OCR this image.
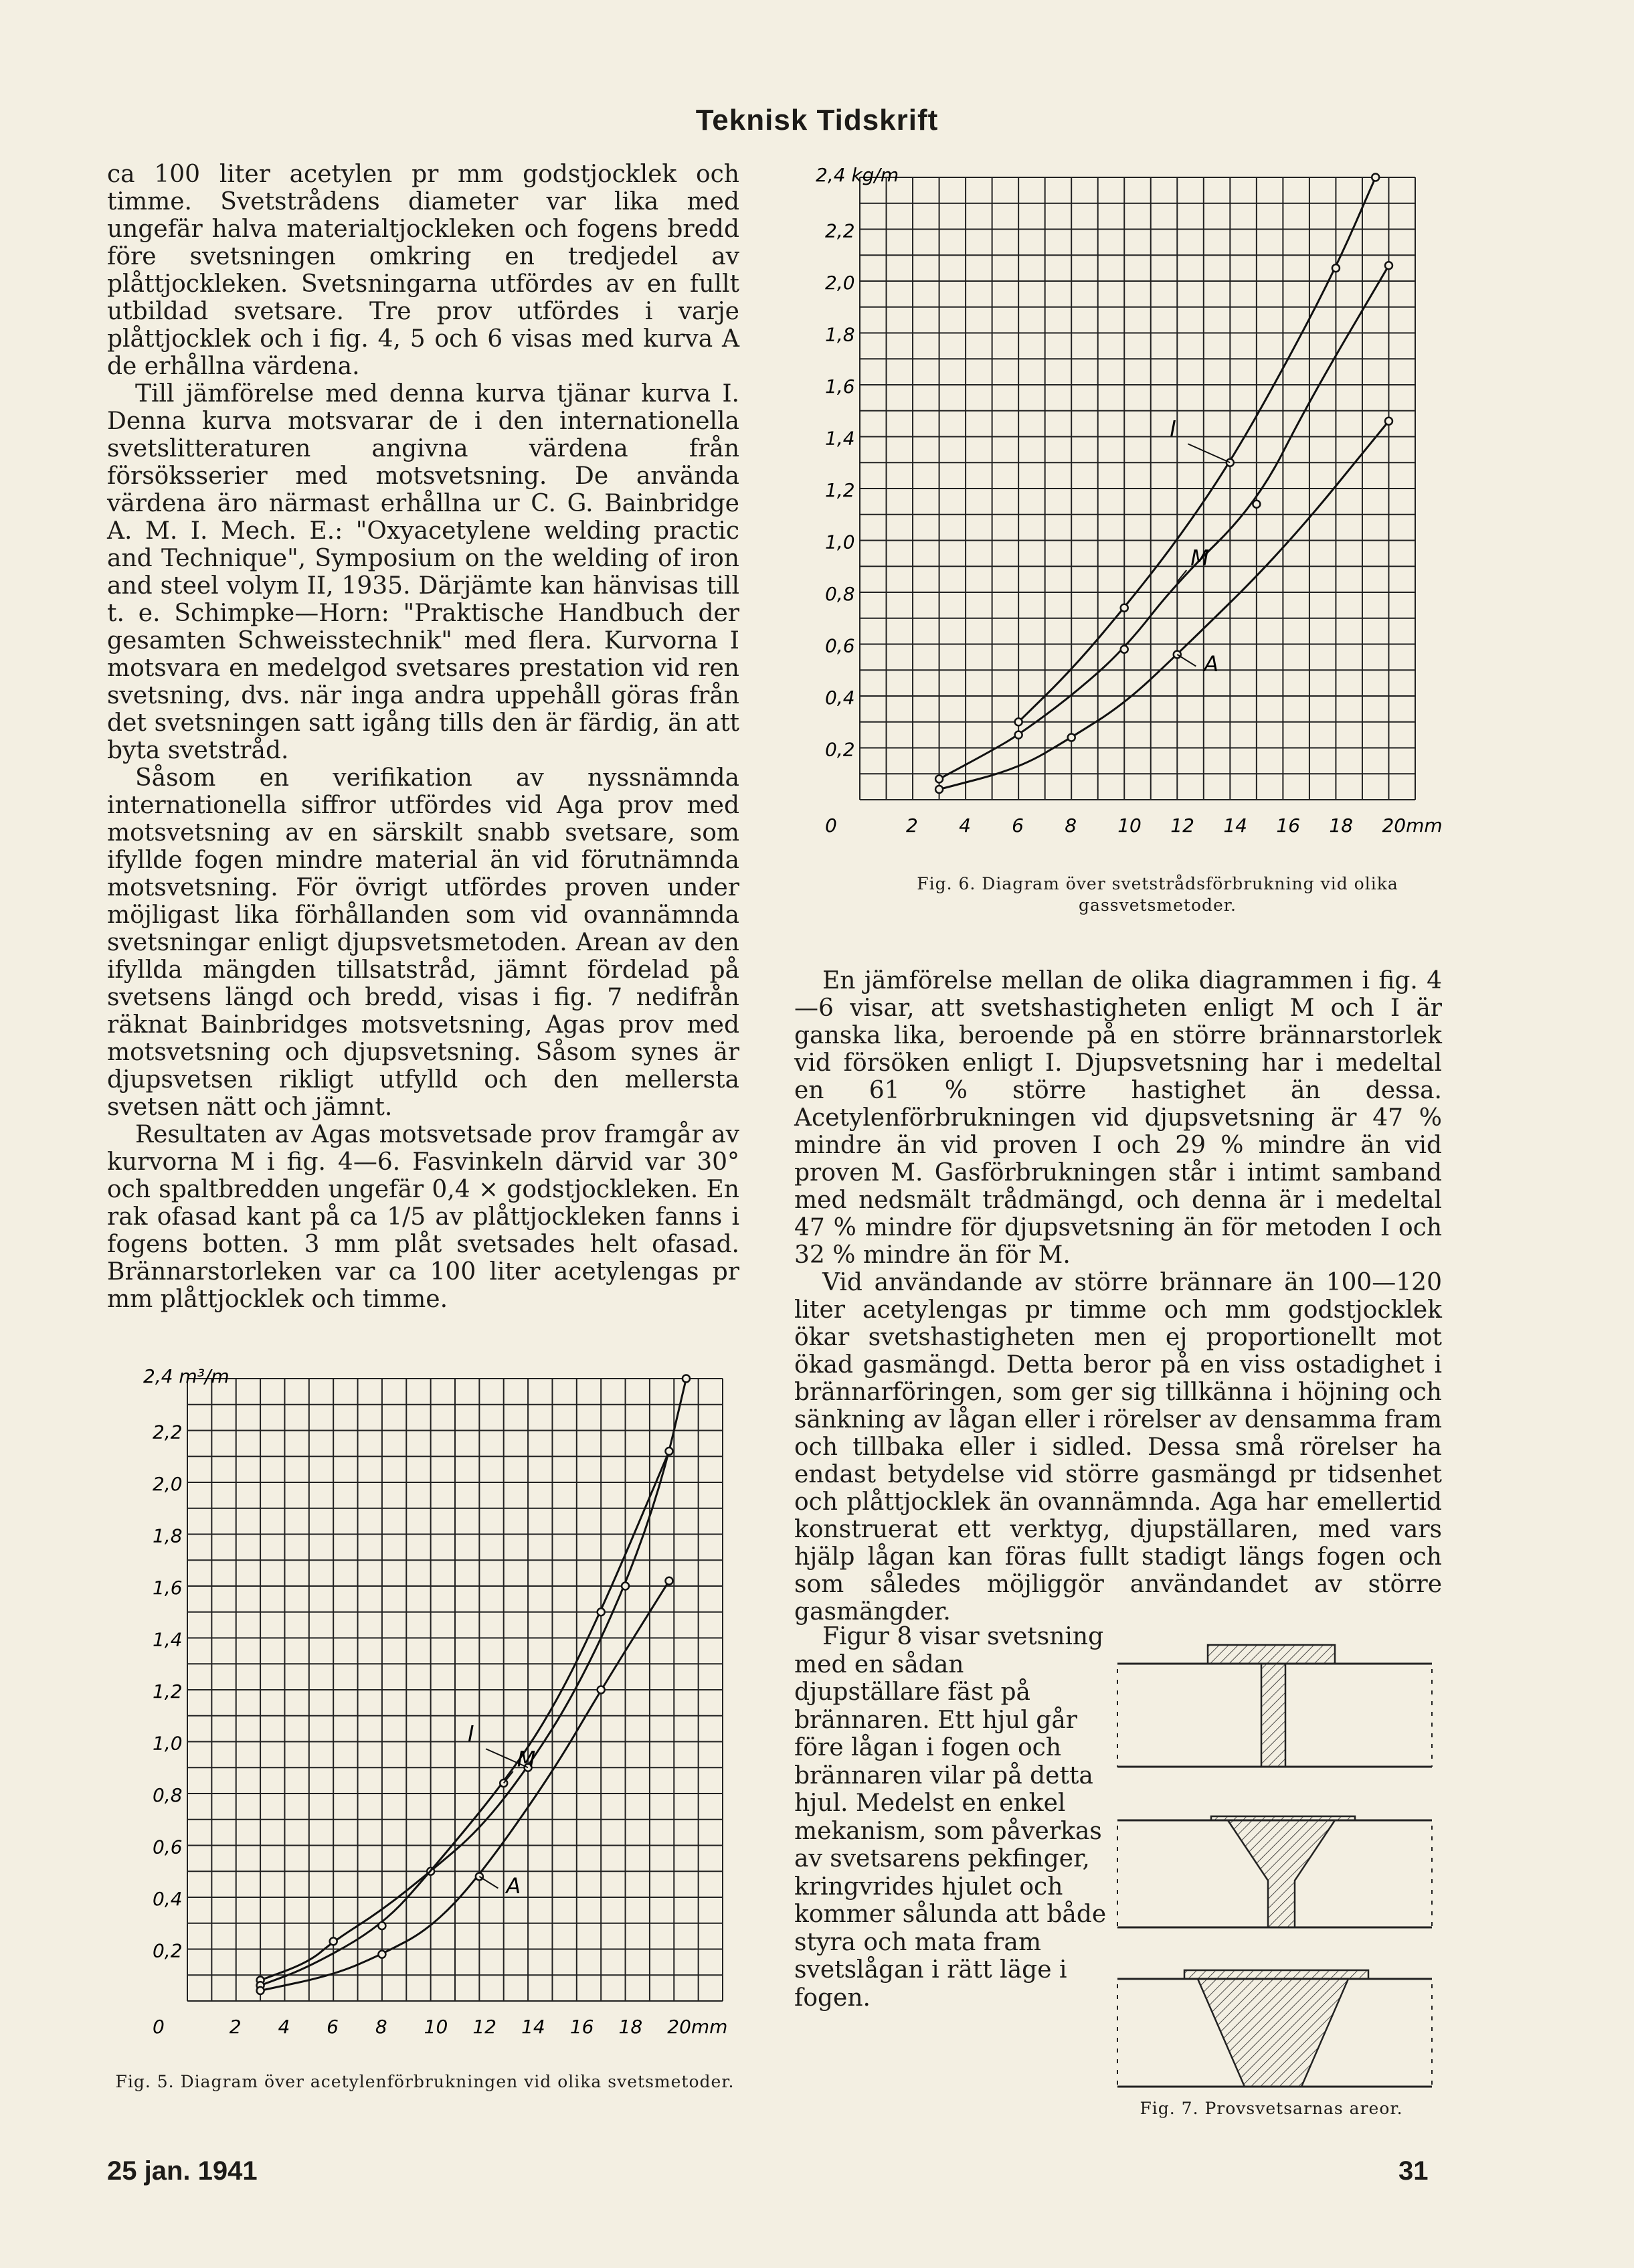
Teknisk Tidskrift

ca 100 liter acetylen pr mm godstjocklek och timme. Svetstrådens diameter var lika med ungefär halva materialtjockleken och fogens bredd före svetsningen omkring en tredjedel av plåttjockleken. Svetsningarna utfördes av en fullt utbildad svetsare. Tre prov utfördes i varje plåttjocklek och i fig. 4, 5 och 6 visas med kurva A de erhållna värdena.

Till jämförelse med denna kurva tjänar kurva I. Denna kurva motsvarar de i den internationella svetslitteraturen angivna värdena från försöksserier med motsvetsning. De använda värdena äro närmast erhållna ur C. G. Bainbridge A. M. I. Mech. E.: "Oxyacetylene welding practic and Technique", Symposium on the welding of iron and steel volym II, 1935. Därjämte kan hänvisas till t. e. Schimpke—Horn: "Praktische Handbuch der gesamten Schweisstechnik" med flera. Kurvorna I motsvara en medelgod svetsares prestation vid ren svetsning, dvs. när inga andra uppehåll göras från det svetsningen satt igång tills den är färdig, än att byta svetstråd.

Såsom en verifikation av nyssnämnda internationella siffror utfördes vid Aga prov med motsvetsning av en särskilt snabb svetsare, som ifyllde fogen mindre material än vid förutnämnda motsvetsning. För övrigt utfördes proven under möjligast lika förhållanden som vid ovannämnda svetsningar enligt djupsvetsmetoden. Arean av den ifyllda mängden tillsatstråd, jämnt fördelad på svetsens längd och bredd, visas i fig. 7 nedifrån räknat Bainbridges motsvetsning, Agas prov med motsvetsning och djupsvetsning. Såsom synes är djupsvetsen rikligt utfylld och den mellersta svetsen nätt och jämnt.

Resultaten av Agas motsvetsade prov framgår av kurvorna M i fig. 4—6. Fasvinkeln därvid var 30° och spaltbredden ungefär 0,4 × godstjockleken. En rak ofasad kant på ca 1/5 av plåttjockleken fanns i fogens botten. 3 mm plåt svetsades helt ofasad. Brännarstorleken var ca 100 liter acetylengas pr mm plåttjocklek och timme.

0,2
0,4
0,6
0,8
1,0
1,2
1,4
1,6
1,8
2,0
2,2
2,4 kg/m
0	2 4 6 8 10 12 14 16 18 20mm
I
M
A
Fig. 6. Diagram över svetstrådsförbrukning vid olika gassvetsmetoder.

En jämförelse mellan de olika diagrammen i fig. 4—6 visar, att svetshastigheten enligt M och I är ganska lika, beroende på en större brännarstorlek vid försöken enligt I. Djupsvetsning har i medeltal en 61 % större hastighet än dessa. Acetylenförbrukningen vid djupsvetsning är 47 % mindre än vid proven I och 29 % mindre än vid proven M. Gasförbrukningen står i intimt samband med nedsmält trådmängd, och denna är i medeltal 47 % mindre för djupsvetsning än för metoden I och 32 % mindre än för M.

Vid användande av större brännare än 100—120 liter acetylengas pr timme och mm godstjocklek ökar svetshastigheten men ej proportionellt mot ökad gasmängd. Detta beror på en viss ostadighet i brännarföringen, som ger sig tillkänna i höjning och sänkning av lågan eller i rörelser av densamma fram och tillbaka eller i sidled. Dessa små rörelser ha endast betydelse vid större gasmängd pr tidsenhet och plåttjocklek än ovannämnda. Aga har emellertid konstruerat ett verktyg, djupställaren, med vars hjälp lågan kan föras fullt stadigt längs fogen och som således möjliggör användandet av större gasmängder.

Figur 8 visar svetsning med en sådan djupställare fäst på brännaren. Ett hjul går före lågan i fogen och brännaren vilar på detta hjul. Medelst en enkel mekanism, som påverkas av svetsarens pekfinger, kringvrides hjulet och kommer sålunda att både styra och mata fram svetslågan i rätt läge i fogen.

Fig. 7. Provsvetsarnas areor.
0,2
0,4
0,6
0,8
1,0
1,2
1,4
1,6
1,8
2,0
2,2
2,4 m³/m
0	2 4 6 8 10 12 14 16 18 20mm
I
M
A
Fig. 5. Diagram över acetylenförbrukningen vid olika svetsmetoder.
25 jan. 1941	31
